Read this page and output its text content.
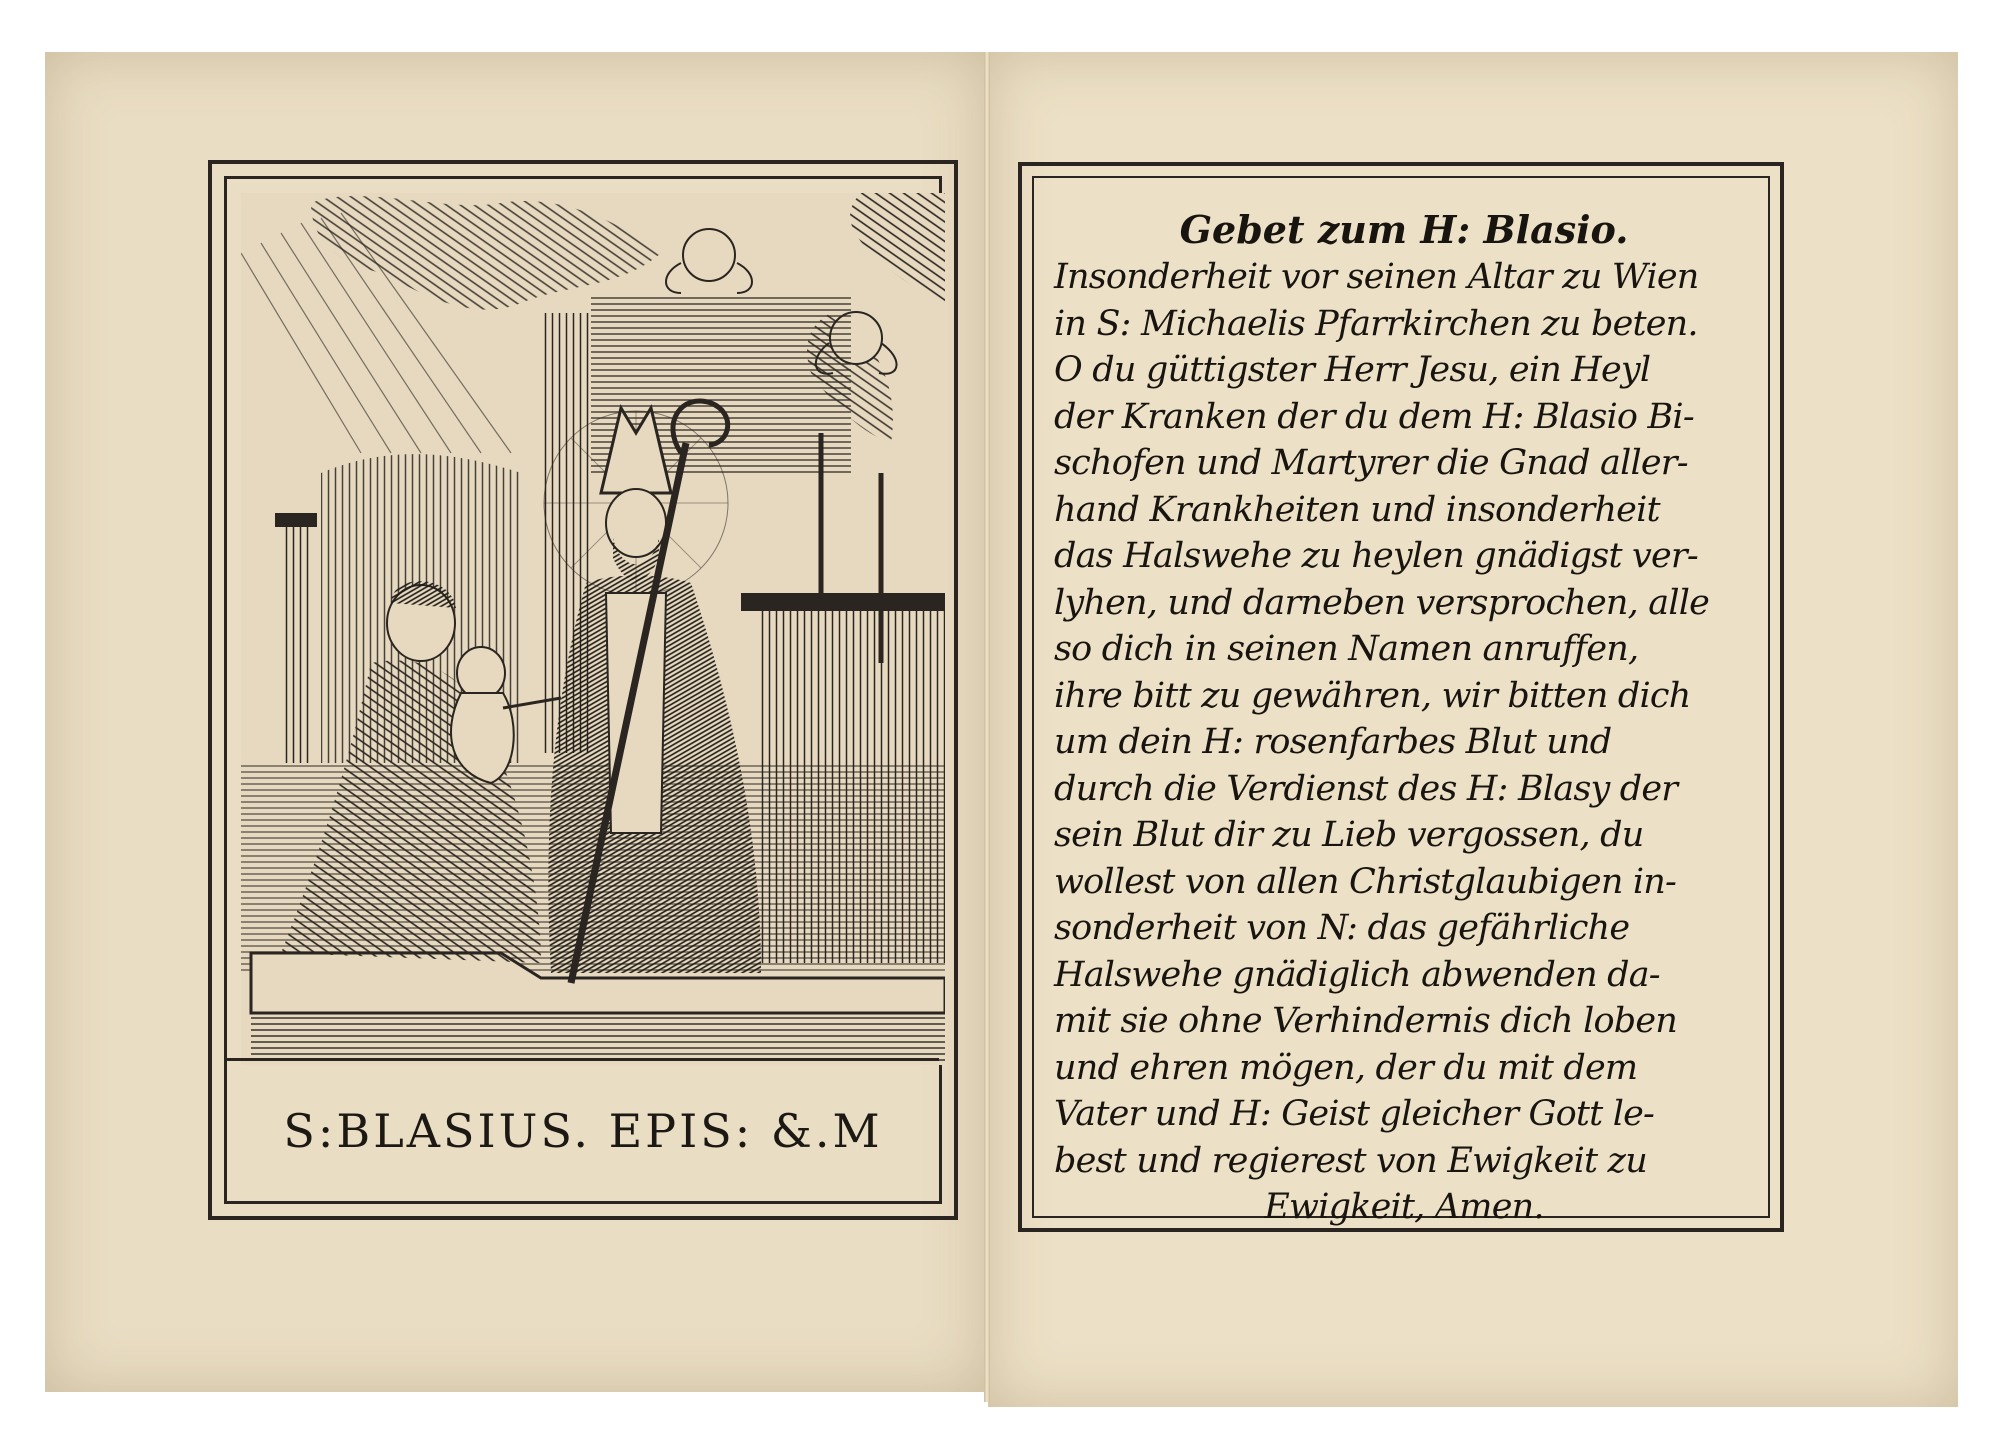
S:BLASIUS. EPIS: &.M
Gebet zum H: Blasio.
Insonderheit vor seinen Altar zu Wien
in S: Michaelis Pfarrkirchen zu beten.
O du güttigster Herr Jesu, ein Heyl
der Kranken der du dem H: Blasio Bi-
schofen und Martyrer die Gnad aller-
hand Krankheiten und insonderheit
das Halswehe zu heylen gnädigst ver-
lyhen, und darneben versprochen, alle
so dich in seinen Namen anruffen,
ihre bitt zu gewähren, wir bitten dich
um dein H: rosenfarbes Blut und
durch die Verdienst des H: Blasy der
sein Blut dir zu Lieb vergossen, du
wollest von allen Christglaubigen in-
sonderheit von N: das gefährliche
Halswehe gnädiglich abwenden da-
mit sie ohne Verhindernis dich loben
und ehren mögen, der du mit dem
Vater und H: Geist gleicher Gott le-
best und regierest von Ewigkeit zu
Ewigkeit, Amen.
